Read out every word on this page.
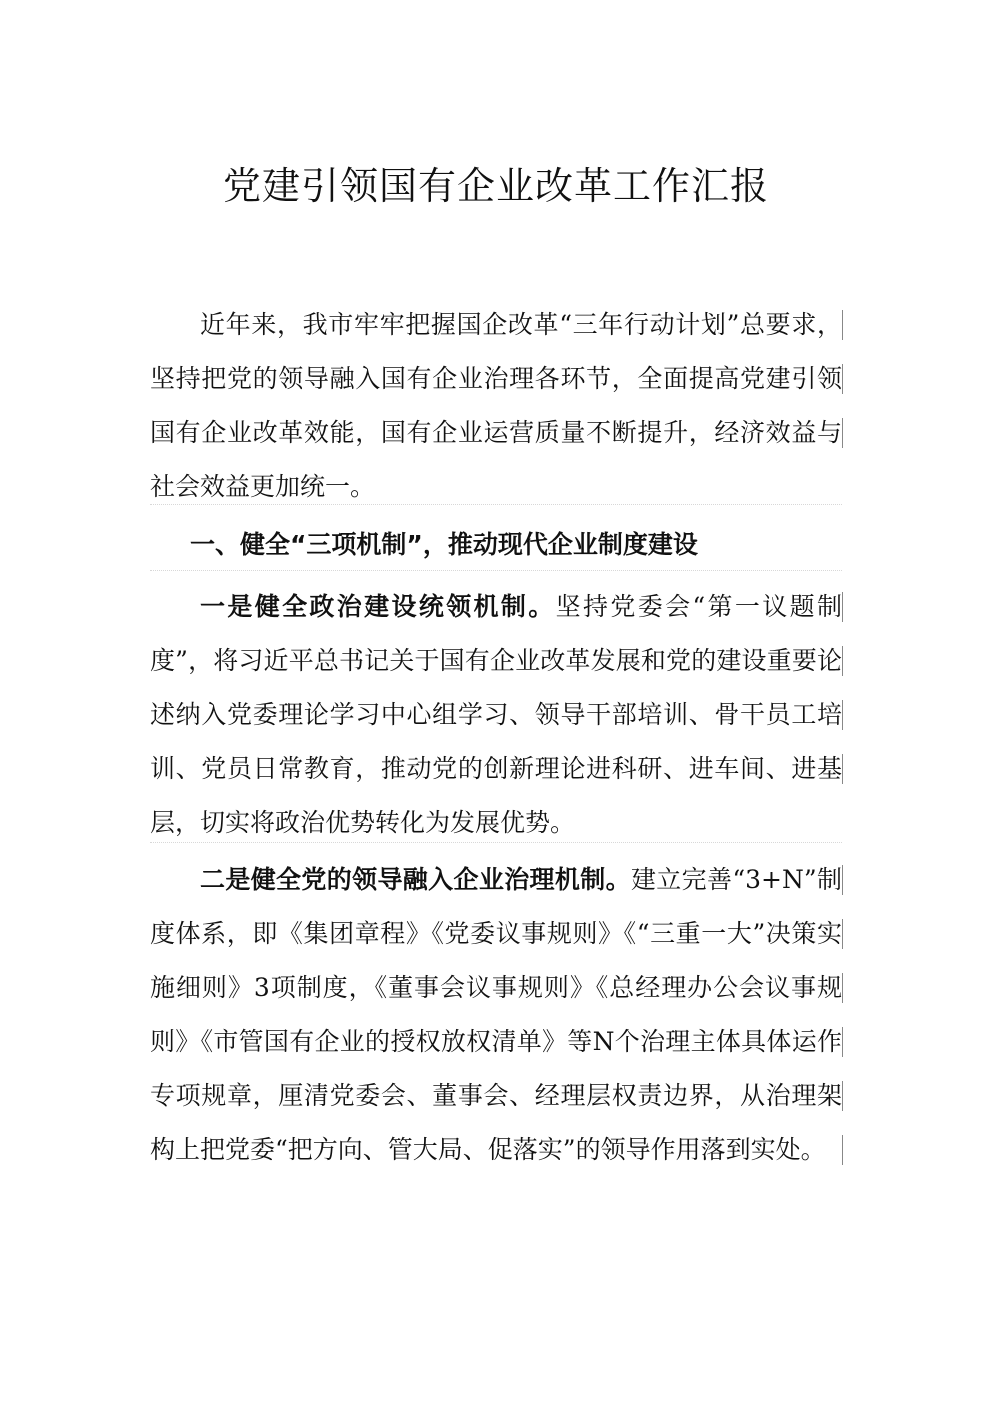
党建引领国有企业改革工作汇报

近年来，我市牢牢把握国企改革“三年行动计划”总要求，坚持把党的领导融入国有企业治理各环节，全面提高党建引领国有企业改革效能，国有企业运营质量不断提升，经济效益与社会效益更加统一。

一、健全“三项机制”，推动现代企业制度建设

一是健全政治建设统领机制。坚持党委会“第一议题制度”，将习近平总书记关于国有企业改革发展和党的建设重要论述纳入党委理论学习中心组学习、领导干部培训、骨干员工培训、党员日常教育，推动党的创新理论进科研、进车间、进基层，切实将政治优势转化为发展优势。

二是健全党的领导融入企业治理机制。建立完善“3+N”制度体系，即《集团章程》《党委议事规则》《“三重一大”决策实施细则》3项制度，《董事会议事规则》《总经理办公会议事规则》《市管国有企业的授权放权清单》等N个治理主体具体运作专项规章，厘清党委会、董事会、经理层权责边界，从治理架构上把党委“把方向、管大局、促落实”的领导作用落到实处。
